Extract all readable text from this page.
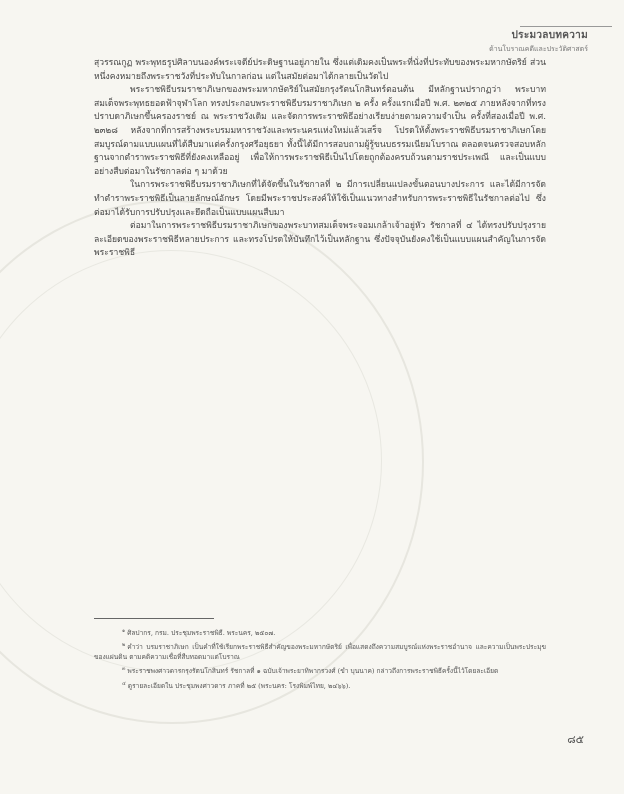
ประมวลบทความ
ด้านโบราณคดีและประวัติศาสตร์

สุวรรณกูฏ พระพุทธรูปศิลาบนองค์พระเจดีย์ประดิษฐานอยู่ภายใน ซึ่งแต่เดิมคงเป็นพระที่นั่งที่ประทับของพระมหากษัตริย์ ส่วนหนึ่งคงหมายถึงพระราชวังที่ประทับในกาลก่อน แต่ในสมัยต่อมาได้กลายเป็นวัดไป

พระราชพิธีบรมราชาภิเษกของพระมหากษัตริย์ในสมัยกรุงรัตนโกสินทร์ตอนต้น มีหลักฐานปรากฏว่า พระบาทสมเด็จพระพุทธยอดฟ้าจุฬาโลก ทรงประกอบพระราชพิธีบรมราชาภิเษก ๒ ครั้ง ครั้งแรกเมื่อปี พ.ศ. ๒๓๒๕ ภายหลังจากที่ทรงปราบดาภิเษกขึ้นครองราชย์ ณ พระราชวังเดิม และจัดการพระราชพิธีอย่างเรียบง่ายตามความจำเป็น ครั้งที่สองเมื่อปี พ.ศ. ๒๓๒๘ หลังจากที่การสร้างพระบรมมหาราชวังและพระนครแห่งใหม่แล้วเสร็จ โปรดให้ตั้งพระราชพิธีบรมราชาภิเษกโดยสมบูรณ์ตามแบบแผนที่ได้สืบมาแต่ครั้งกรุงศรีอยุธยา ทั้งนี้ได้มีการสอบถามผู้รู้ขนบธรรมเนียมโบราณ ตลอดจนตรวจสอบหลักฐานจากตำราพระราชพิธีที่ยังคงเหลืออยู่ เพื่อให้การพระราชพิธีเป็นไปโดยถูกต้องครบถ้วนตามราชประเพณี และเป็นแบบอย่างสืบต่อมาในรัชกาลต่อ ๆ มาด้วย

ในการพระราชพิธีบรมราชาภิเษกที่ได้จัดขึ้นในรัชกาลที่ ๒ มีการเปลี่ยนแปลงขั้นตอนบางประการ และได้มีการจัดทำตำราพระราชพิธีเป็นลายลักษณ์อักษร โดยมีพระราชประสงค์ให้ใช้เป็นแนวทางสำหรับการพระราชพิธีในรัชกาลต่อไป ซึ่งต่อมาได้รับการปรับปรุงและยึดถือเป็นแบบแผนสืบมา

ต่อมาในการพระราชพิธีบรมราชาภิเษกของพระบาทสมเด็จพระจอมเกล้าเจ้าอยู่หัว รัชกาลที่ ๔ ได้ทรงปรับปรุงรายละเอียดของพระราชพิธีหลายประการ และทรงโปรดให้บันทึกไว้เป็นหลักฐาน ซึ่งปัจจุบันยังคงใช้เป็นแบบแผนสำคัญในการจัดพระราชพิธี

$^๑$ ศิลปากร, กรม. ประชุมพระราชพิธี. พระนคร, ๒๕๐๗.

$^๒$ คำว่า บรมราชาภิเษก เป็นคำที่ใช้เรียกพระราชพิธีสำคัญของพระมหากษัตริย์ เพื่อแสดงถึงความสมบูรณ์แห่งพระราชอำนาจ และความเป็นพระประมุขของแผ่นดิน ตามคติความเชื่อที่สืบทอดมาแต่โบราณ

$^๓$ พระราชพงศาวดารกรุงรัตนโกสินทร์ รัชกาลที่ ๑ ฉบับเจ้าพระยาทิพากรวงศ์ (ขำ บุนนาค) กล่าวถึงการพระราชพิธีครั้งนี้ไว้โดยละเอียด

$^๔$ ดูรายละเอียดใน ประชุมพงศาวดาร ภาคที่ ๒๕ (พระนคร: โรงพิมพ์ไทย, ๒๔๖๖).

๘๕
